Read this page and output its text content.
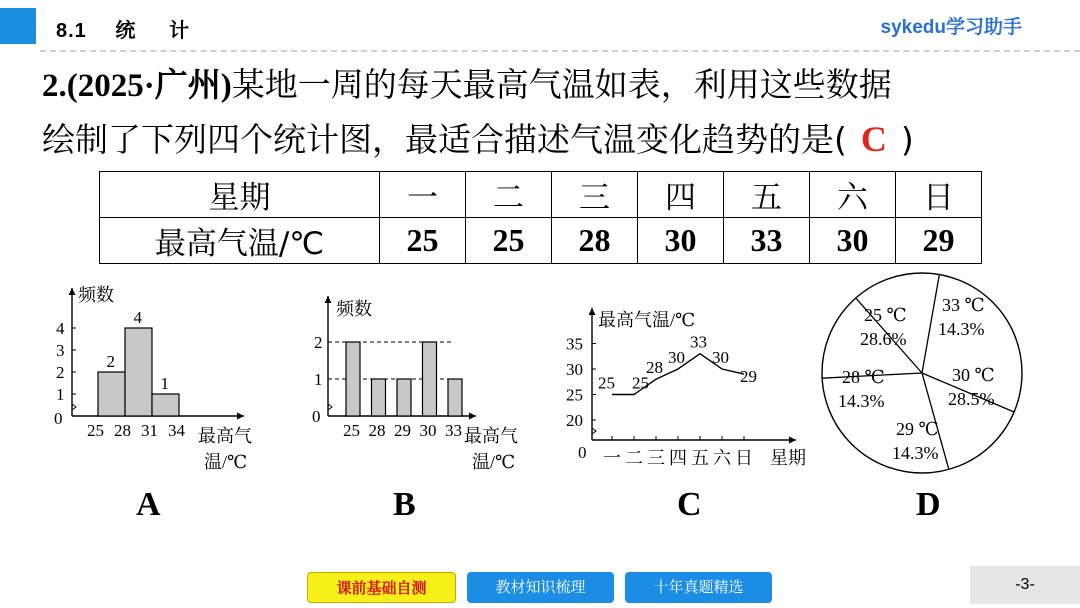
8.1 统 计	sykedu学习助手
2.(2025·广州)某地一周的每天最高气温如表，利用这些数据
绘制了下列四个统计图，最适合描述气温变化趋势的是( C )
星期	一	二	三	四	五	六	日
最高气温/℃	25	25	28	30	33	30	29
频数
0
1
2
3
4
2
4
1
25 28 31 34 最高气
温/℃
频数
0
1
2
25 28 29 30 33 最高气
温/℃
最高气温/℃
0
20
25
30
35
一 二 三 四 五 六 日
25 25
28
30
33
30
29
星期
25 ℃
28.6%
33 ℃
14.3%
30 ℃
28.5%
29 ℃
14.3%
28 ℃
14.3%
A	B	C	D
课前基础自测	教材知识梳理	十年真题精选	-3-
